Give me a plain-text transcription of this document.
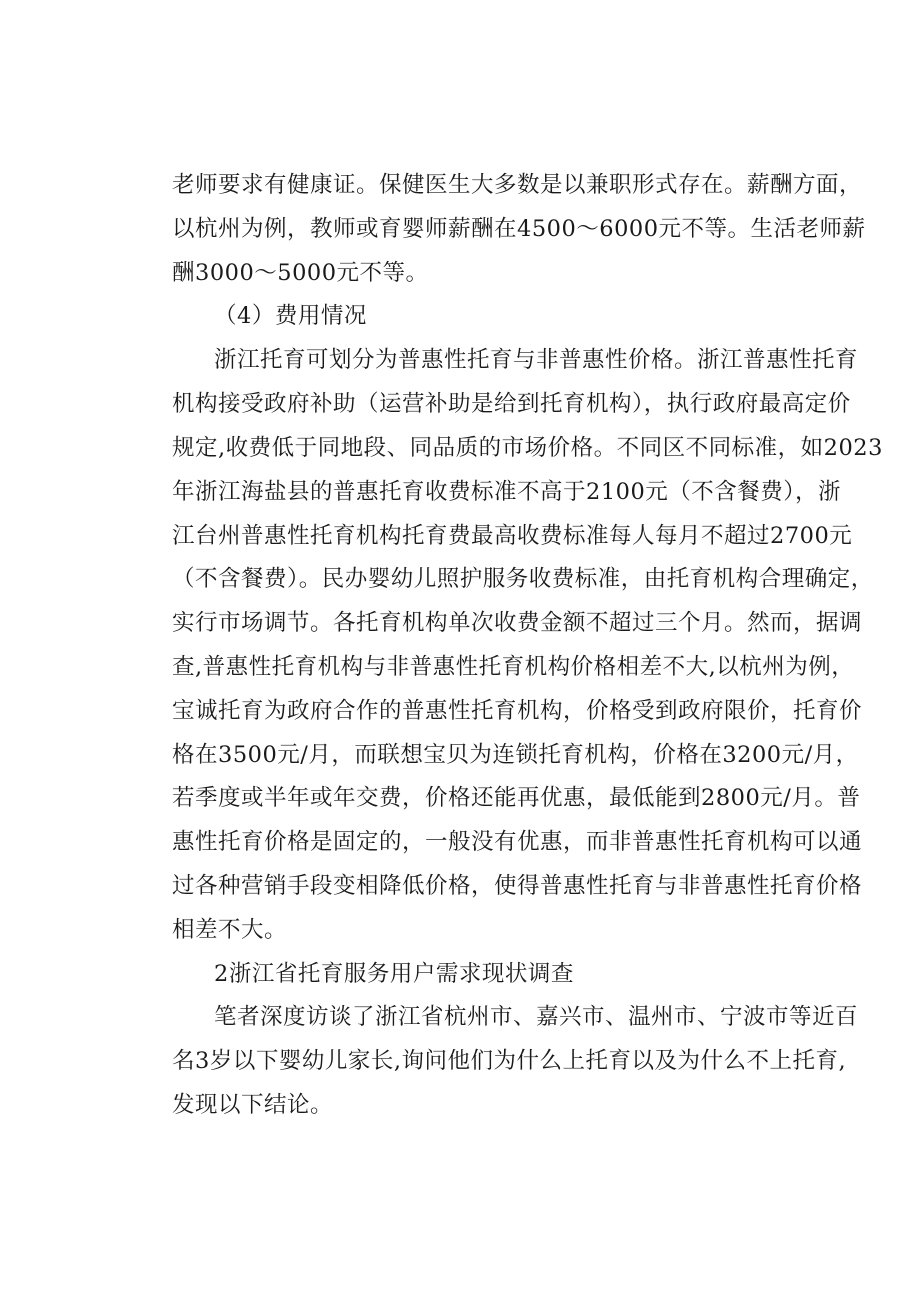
老师要求有健康证。保健医生大多数是以兼职形式存在。薪酬方面，
以杭州为例，教师或育婴师薪酬在4500～6000元不等。生活老师薪
酬3000～5000元不等。
（4）费用情况
浙江托育可划分为普惠性托育与非普惠性价格。浙江普惠性托育
机构接受政府补助（运营补助是给到托育机构），执行政府最高定价
规定,收费低于同地段、同品质的市场价格。不同区不同标准，如2023
年浙江海盐县的普惠托育收费标准不高于2100元（不含餐费），浙
江台州普惠性托育机构托育费最高收费标准每人每月不超过2700元
（不含餐费）。民办婴幼儿照护服务收费标准，由托育机构合理确定，
实行市场调节。各托育机构单次收费金额不超过三个月。然而，据调
查,普惠性托育机构与非普惠性托育机构价格相差不大,以杭州为例，
宝诚托育为政府合作的普惠性托育机构，价格受到政府限价，托育价
格在3500元/月，而联想宝贝为连锁托育机构，价格在3200元/月，
若季度或半年或年交费，价格还能再优惠，最低能到2800元/月。普
惠性托育价格是固定的，一般没有优惠，而非普惠性托育机构可以通
过各种营销手段变相降低价格，使得普惠性托育与非普惠性托育价格
相差不大。
2浙江省托育服务用户需求现状调查
笔者深度访谈了浙江省杭州市、嘉兴市、温州市、宁波市等近百
名3岁以下婴幼儿家长,询问他们为什么上托育以及为什么不上托育,
发现以下结论。
